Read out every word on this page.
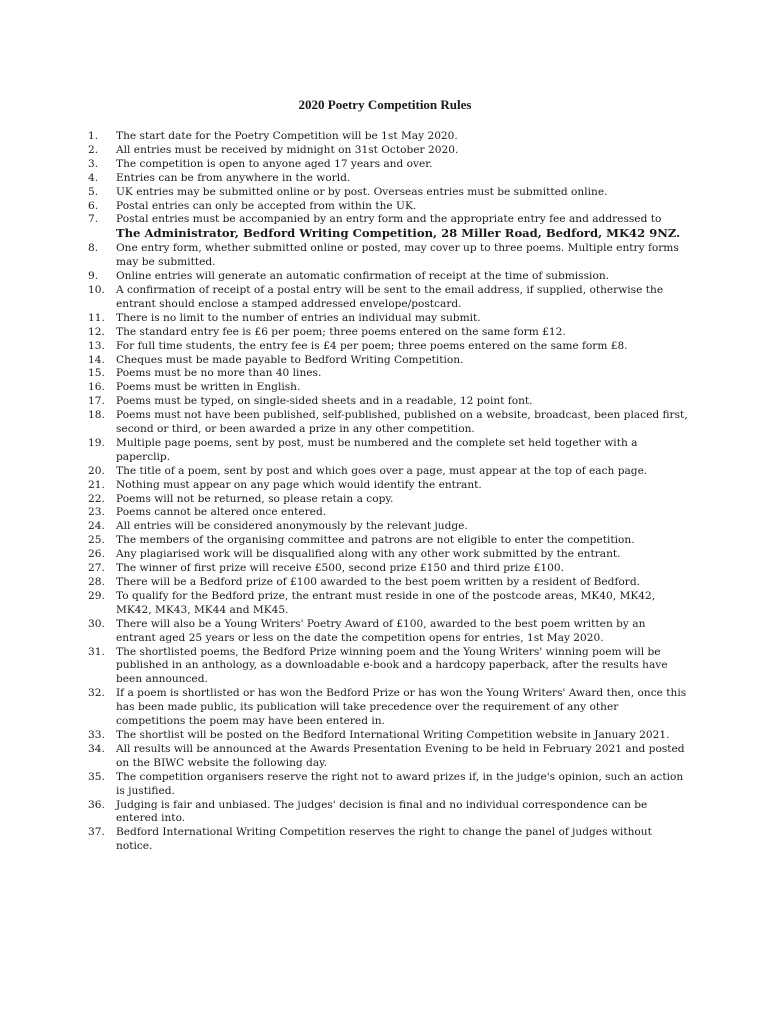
2020 Poetry Competition Rules
1.	The start date for the Poetry Competition will be 1st May 2020.
2.	All entries must be received by midnight on 31st October 2020.
3.	The competition is open to anyone aged 17 years and over.
4.	Entries can be from anywhere in the world.
5.	UK entries may be submitted online or by post. Overseas entries must be submitted online.
6.	Postal entries can only be accepted from within the UK.
7.	Postal entries must be accompanied by an entry form and the appropriate entry fee and addressed to The Administrator, Bedford Writing Competition, 28 Miller Road, Bedford, MK42 9NZ.
8.	One entry form, whether submitted online or posted, may cover up to three poems. Multiple entry forms may be submitted.
9.	Online entries will generate an automatic confirmation of receipt at the time of submission.
10.	A confirmation of receipt of a postal entry will be sent to the email address, if supplied, otherwise the entrant should enclose a stamped addressed envelope/postcard.
11.	There is no limit to the number of entries an individual may submit.
12.	The standard entry fee is £6 per poem; three poems entered on the same form £12.
13.	For full time students, the entry fee is £4 per poem; three poems entered on the same form £8.
14.	Cheques must be made payable to Bedford Writing Competition.
15.	Poems must be no more than 40 lines.
16.	Poems must be written in English.
17.	Poems must be typed, on single-sided sheets and in a readable, 12 point font.
18.	Poems must not have been published, self-published, published on a website, broadcast, been placed first, second or third, or been awarded a prize in any other competition.
19.	Multiple page poems, sent by post, must be numbered and the complete set held together with a paperclip.
20.	The title of a poem, sent by post and which goes over a page, must appear at the top of each page.
21.	Nothing must appear on any page which would identify the entrant.
22.	Poems will not be returned, so please retain a copy.
23.	Poems cannot be altered once entered.
24.	All entries will be considered anonymously by the relevant judge.
25.	The members of the organising committee and patrons are not eligible to enter the competition.
26.	Any plagiarised work will be disqualified along with any other work submitted by the entrant.
27.	The winner of first prize will receive £500, second prize £150 and third prize £100.
28.	There will be a Bedford prize of £100 awarded to the best poem written by a resident of Bedford.
29.	To qualify for the Bedford prize, the entrant must reside in one of the postcode areas, MK40, MK42, MK42, MK43, MK44 and MK45.
30.	There will also be a Young Writers' Poetry Award of £100, awarded to the best poem written by an entrant aged 25 years or less on the date the competition opens for entries, 1st May 2020.
31.	The shortlisted poems, the Bedford Prize winning poem and the Young Writers' winning poem will be published in an anthology, as a downloadable e-book and a hardcopy paperback, after the results have been announced.
32.	If a poem is shortlisted or has won the Bedford Prize or has won the Young Writers' Award then, once this has been made public, its publication will take precedence over the requirement of any other competitions the poem may have been entered in.
33.	The shortlist will be posted on the Bedford International Writing Competition website in January 2021.
34.	All results will be announced at the Awards Presentation Evening to be held in February 2021 and posted on the BIWC website the following day.
35.	The competition organisers reserve the right not to award prizes if, in the judge's opinion, such an action is justified.
36.	Judging is fair and unbiased. The judges' decision is final and no individual correspondence can be entered into.
37.	Bedford International Writing Competition reserves the right to change the panel of judges without notice.
